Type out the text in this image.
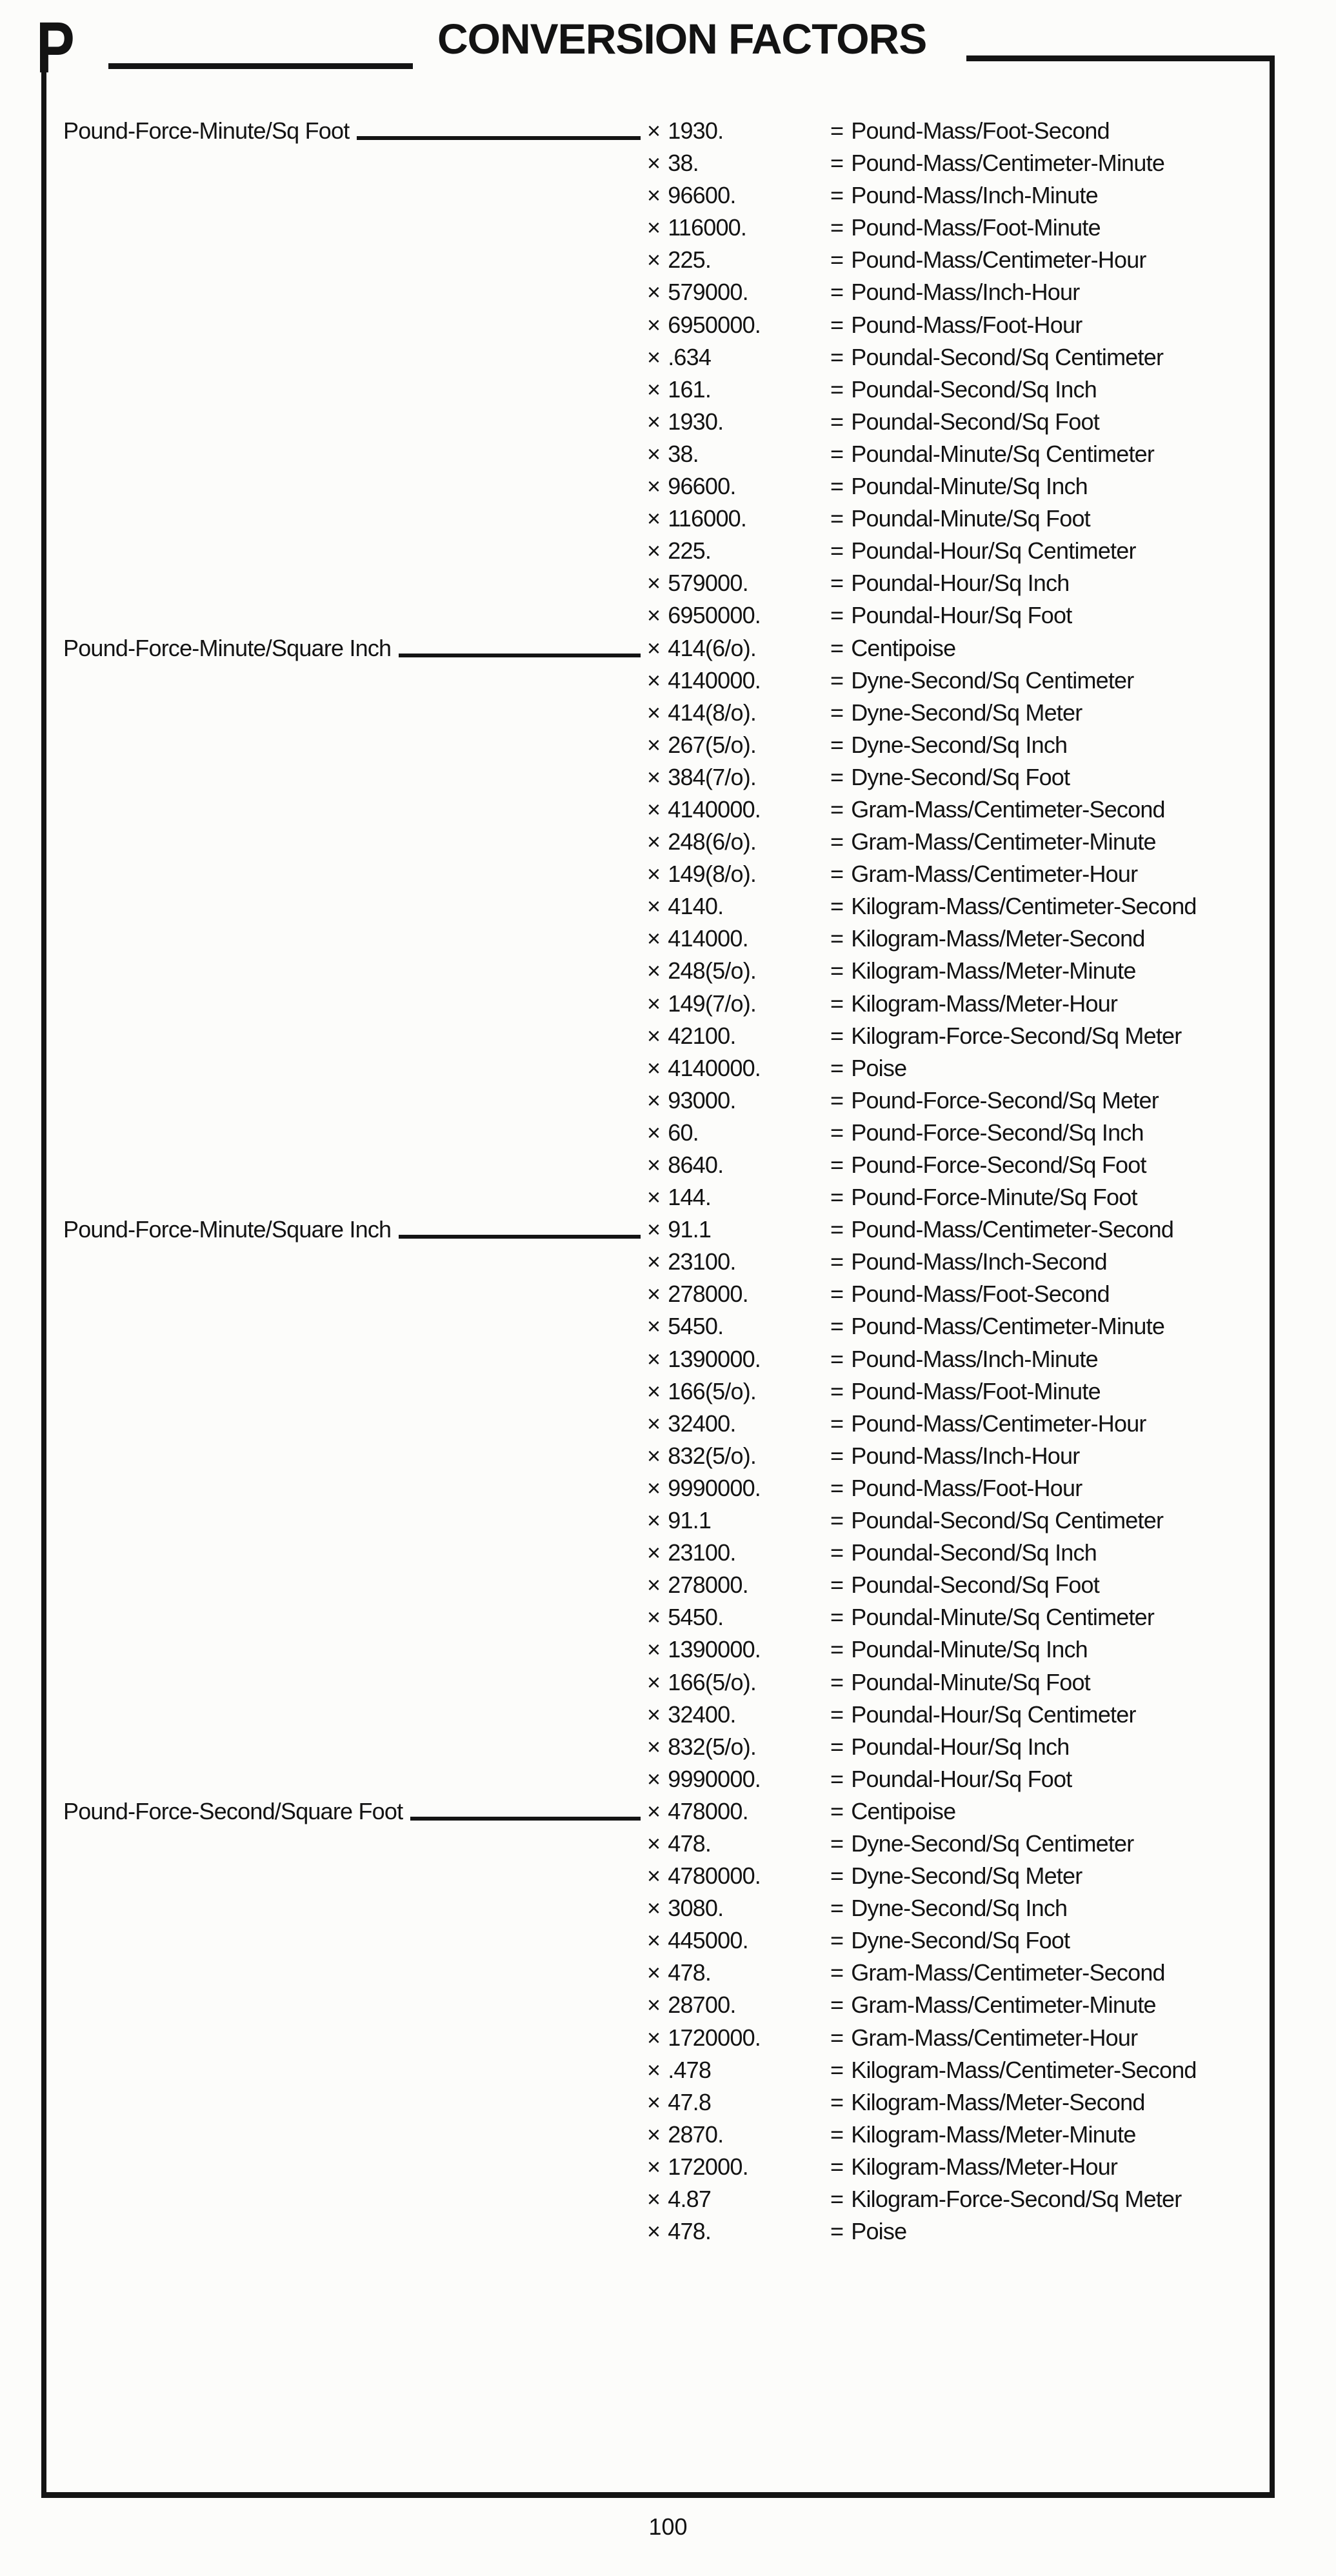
P	CONVERSION FACTORS
Pound-Force-Minute/Sq Foot	× 1930.	= Pound-Mass/Foot-Second
× 38.	= Pound-Mass/Centimeter-Minute
× 96600.	= Pound-Mass/Inch-Minute
× 116000.	= Pound-Mass/Foot-Minute
× 225.	= Pound-Mass/Centimeter-Hour
× 579000.	= Pound-Mass/Inch-Hour
× 6950000.	= Pound-Mass/Foot-Hour
× .634	= Poundal-Second/Sq Centimeter
× 161.	= Poundal-Second/Sq Inch
× 1930.	= Poundal-Second/Sq Foot
× 38.	= Poundal-Minute/Sq Centimeter
× 96600.	= Poundal-Minute/Sq Inch
× 116000.	= Poundal-Minute/Sq Foot
× 225.	= Poundal-Hour/Sq Centimeter
× 579000.	= Poundal-Hour/Sq Inch
× 6950000.	= Poundal-Hour/Sq Foot
Pound-Force-Minute/Square Inch	× 414(6/o).	= Centipoise
× 4140000.	= Dyne-Second/Sq Centimeter
× 414(8/o).	= Dyne-Second/Sq Meter
× 267(5/o).	= Dyne-Second/Sq Inch
× 384(7/o).	= Dyne-Second/Sq Foot
× 4140000.	= Gram-Mass/Centimeter-Second
× 248(6/o).	= Gram-Mass/Centimeter-Minute
× 149(8/o).	= Gram-Mass/Centimeter-Hour
× 4140.	= Kilogram-Mass/Centimeter-Second
× 414000.	= Kilogram-Mass/Meter-Second
× 248(5/o).	= Kilogram-Mass/Meter-Minute
× 149(7/o).	= Kilogram-Mass/Meter-Hour
× 42100.	= Kilogram-Force-Second/Sq Meter
× 4140000.	= Poise
× 93000.	= Pound-Force-Second/Sq Meter
× 60.	= Pound-Force-Second/Sq Inch
× 8640.	= Pound-Force-Second/Sq Foot
× 144.	= Pound-Force-Minute/Sq Foot
Pound-Force-Minute/Square Inch	× 91.1	= Pound-Mass/Centimeter-Second
× 23100.	= Pound-Mass/Inch-Second
× 278000.	= Pound-Mass/Foot-Second
× 5450.	= Pound-Mass/Centimeter-Minute
× 1390000.	= Pound-Mass/Inch-Minute
× 166(5/o).	= Pound-Mass/Foot-Minute
× 32400.	= Pound-Mass/Centimeter-Hour
× 832(5/o).	= Pound-Mass/Inch-Hour
× 9990000.	= Pound-Mass/Foot-Hour
× 91.1	= Poundal-Second/Sq Centimeter
× 23100.	= Poundal-Second/Sq Inch
× 278000.	= Poundal-Second/Sq Foot
× 5450.	= Poundal-Minute/Sq Centimeter
× 1390000.	= Poundal-Minute/Sq Inch
× 166(5/o).	= Poundal-Minute/Sq Foot
× 32400.	= Poundal-Hour/Sq Centimeter
× 832(5/o).	= Poundal-Hour/Sq Inch
× 9990000.	= Poundal-Hour/Sq Foot
Pound-Force-Second/Square Foot	× 478000.	= Centipoise
× 478.	= Dyne-Second/Sq Centimeter
× 4780000.	= Dyne-Second/Sq Meter
× 3080.	= Dyne-Second/Sq Inch
× 445000.	= Dyne-Second/Sq Foot
× 478.	= Gram-Mass/Centimeter-Second
× 28700.	= Gram-Mass/Centimeter-Minute
× 1720000.	= Gram-Mass/Centimeter-Hour
× .478	= Kilogram-Mass/Centimeter-Second
× 47.8	= Kilogram-Mass/Meter-Second
× 2870.	= Kilogram-Mass/Meter-Minute
× 172000.	= Kilogram-Mass/Meter-Hour
× 4.87	= Kilogram-Force-Second/Sq Meter
× 478.	= Poise
100
